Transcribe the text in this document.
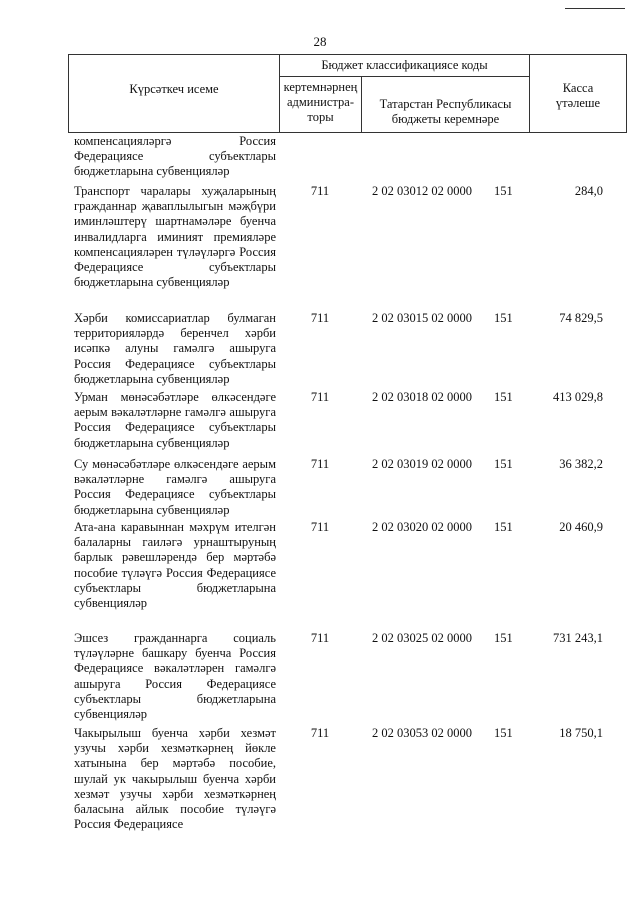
28
Күрсәткеч исеме
Бюджет классификациясе коды
кертемнәрнең
администра-
торы
Татарстан Республикасы
бюджеты керемнәре
Касса
үтәлеше
компенсацияләргә Россия Федерациясе субъектлары бюджетларына субвенцияләр
Транспорт чаралары хуҗаларының гражданнар җаваплылыгын мәҗбүри иминләштерү шартнамәләре буенча инвалидларга иминият премияләре компенсацияләрен түләүләргә Россия Федерациясе субъектлары бюджетларына субвенцияләр
711	2 02 03012 02 0000	151	284,0
Хәрби комиссариатлар булмаган территорияләрдә беренчел хәрби исәпкә алуны гамәлгә ашыруга Россия Федерациясе субъектлары бюджетларына субвенцияләр
711	2 02 03015 02 0000	151	74 829,5
Урман мөнәсәбәтләре өлкәсендәге аерым вәкаләтләрне гамәлгә ашыруга Россия Федерациясе субъектлары бюджетларына субвенцияләр
711	2 02 03018 02 0000	151	413 029,8
Су мөнәсәбәтләре өлкәсендәге аерым вәкаләтләрне гамәлгә ашыруга Россия Федерациясе субъектлары бюджетларына субвенцияләр
711	2 02 03019 02 0000	151	36 382,2
Ата-ана каравыннан мәхрүм ителгән балаларны гаиләгә урнаштыруның барлык рәвешләрендә бер мәртәбә пособие түләүгә Россия Федерациясе субъектлары бюджетларына субвенцияләр
711	2 02 03020 02 0000	151	20 460,9
Эшсез гражданнарга социаль түләүләрне башкару буенча Россия Федерациясе вәкаләтләрен гамәлгә ашыруга Россия Федерациясе субъектлары бюджетларына субвенцияләр
711	2 02 03025 02 0000	151	731 243,1
Чакырылыш буенча хәрби хезмәт узучы хәрби хезмәткәрнең йөкле хатынына бер мәртәбә пособие, шулай ук чакырылыш буенча хәрби хезмәт узучы хәрби хезмәткәрнең баласына айлык пособие түләүгә Россия Федерациясе
711	2 02 03053 02 0000	151	18 750,1
